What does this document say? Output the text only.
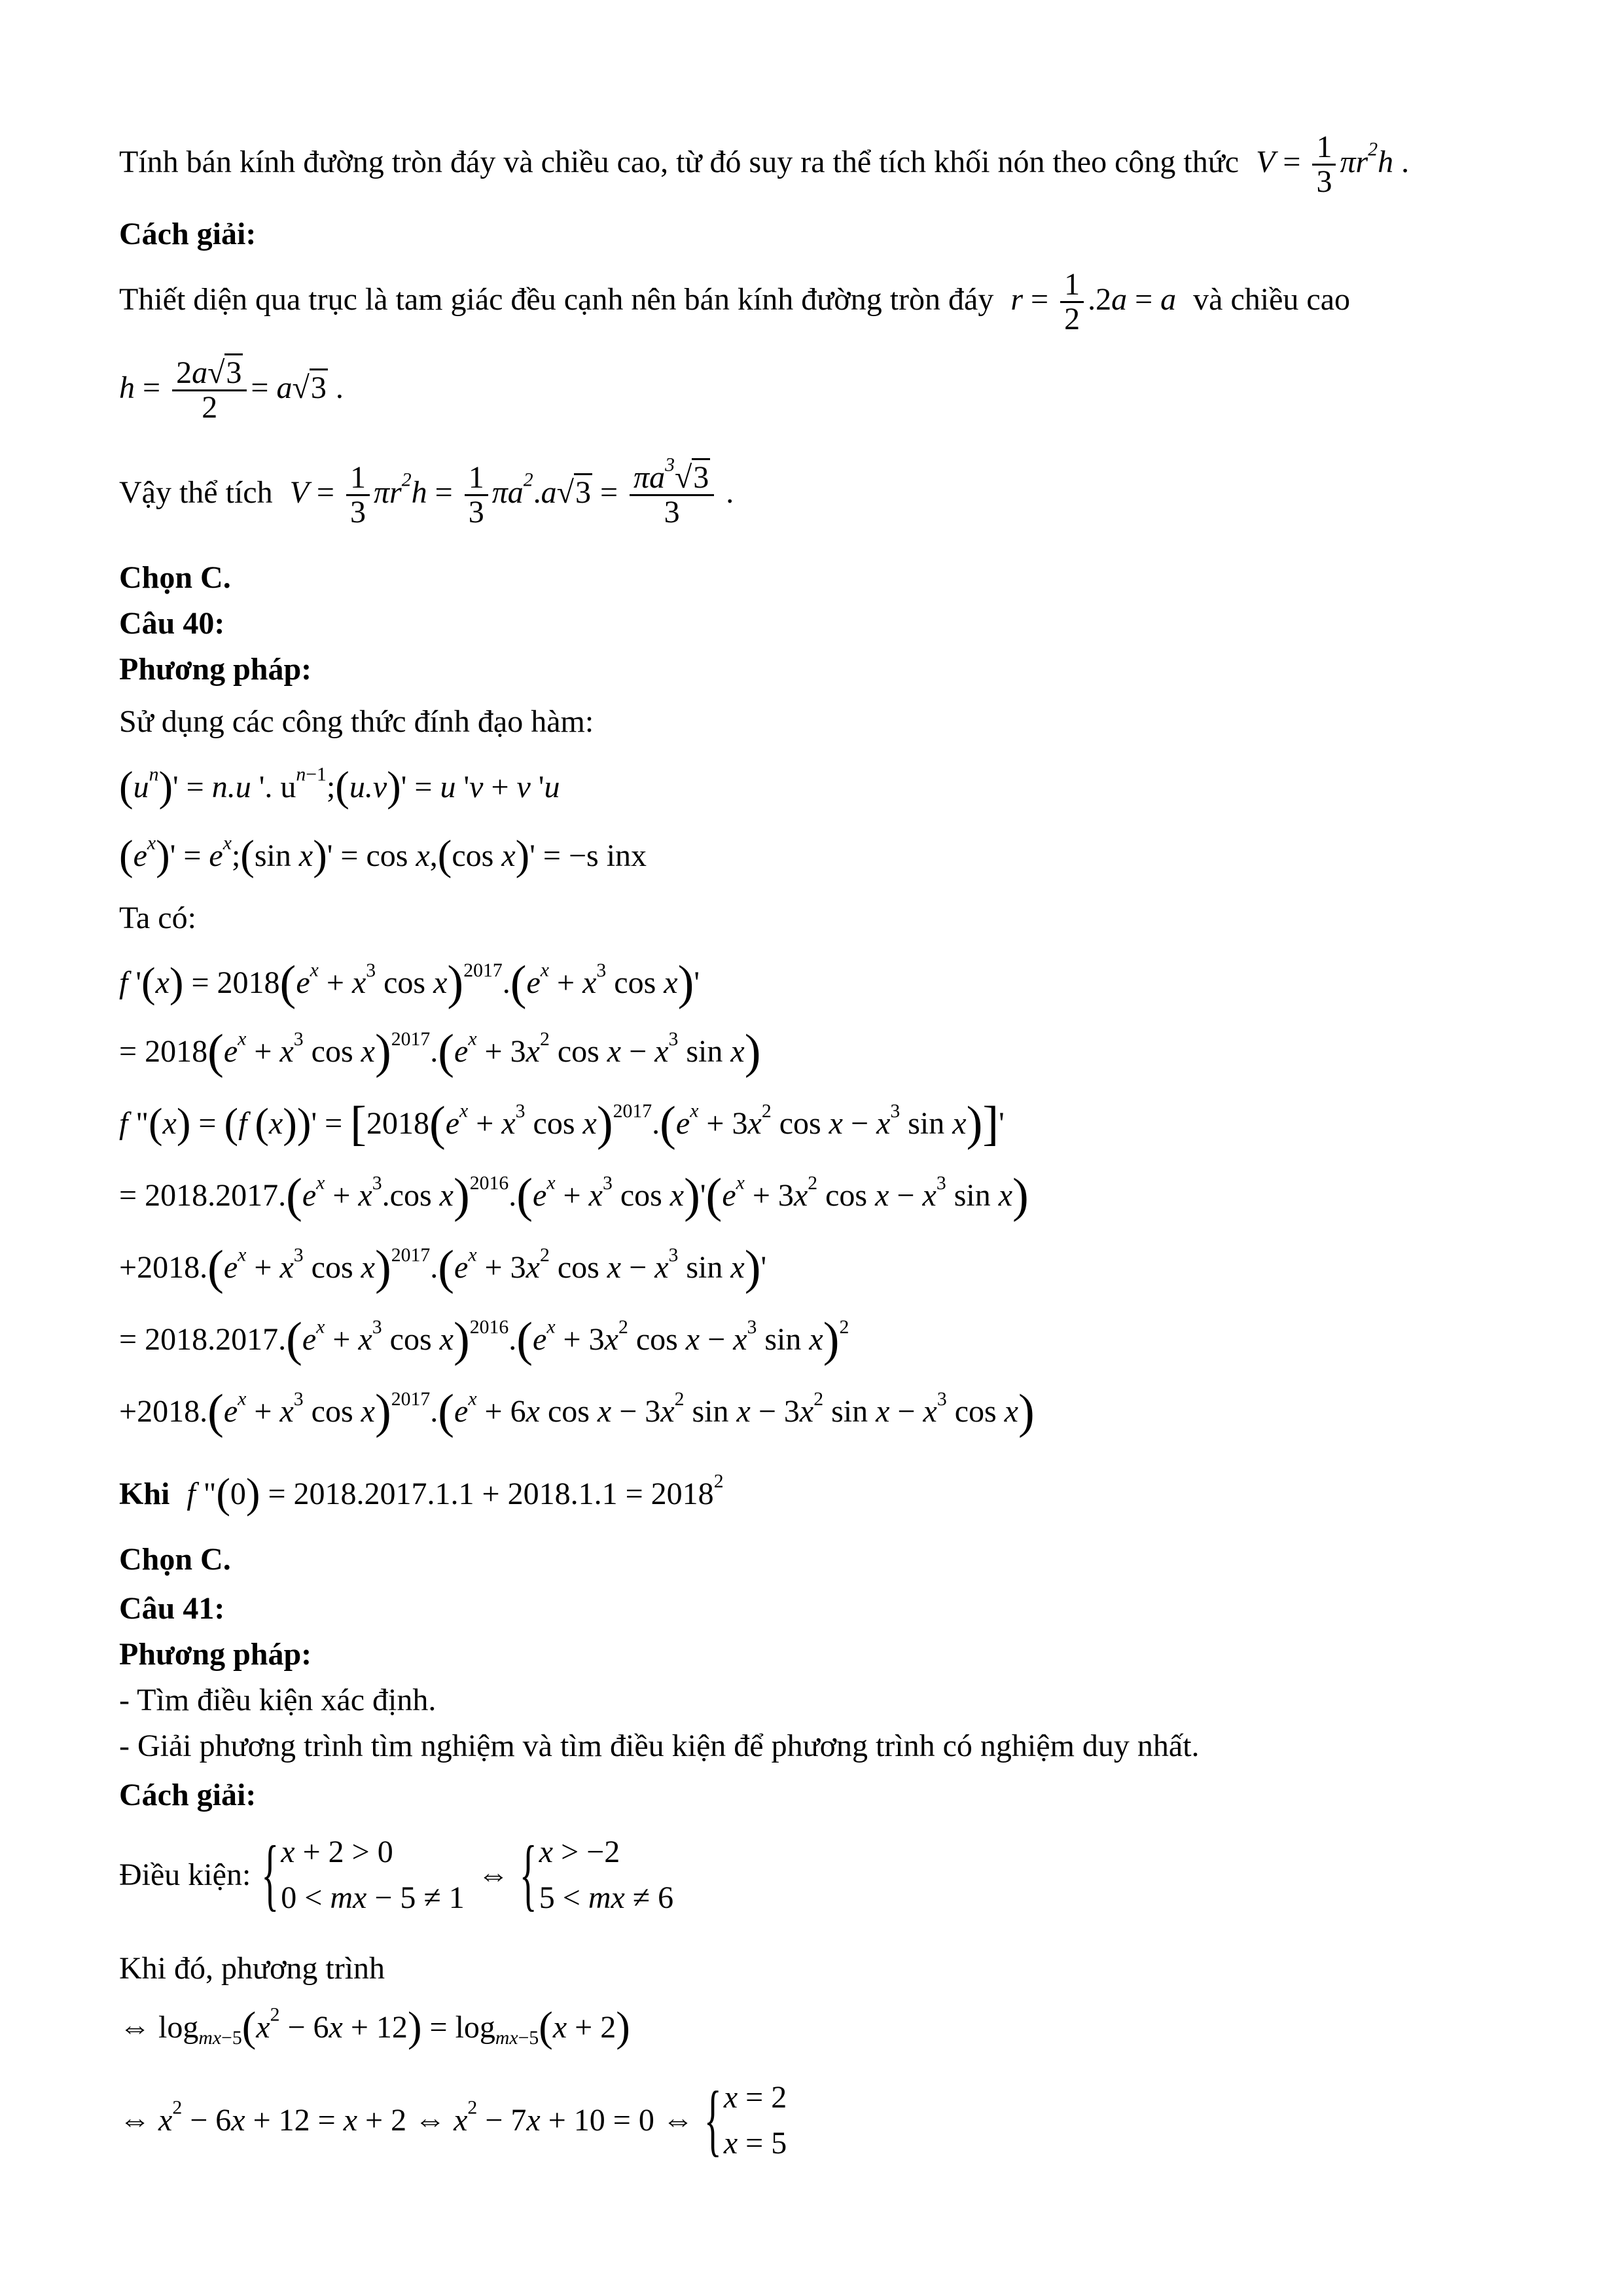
Tính bán kính đường tròn đáy và chiều cao, từ đó suy ra thể tích khối nón theo công thức $V = \frac{1}{3} \pi r^2h$ .
Cách giải:
Thiết diện qua trục là tam giác đều cạnh nên bán kính đường tròn đáy $r = \frac{1}{2} .2a = a$ và chiều cao
$h = \frac{2a√3}{2} = a√3$ .
Vậy thể tích $V = \frac{1}{3} \pi r^2h = \frac{1}{3} \pi a^2.a√3 = \frac{\pi a^3√3}{3}$ .
Chọn C.
Câu 40:
Phương pháp:
Sử dụng các công thức đính đạo hàm:
$(u^n)' = n.u$ '. $u^{n-1};(u.v)' = u$ 'v + v 'u
$(e^x)'$ = $e^x;(\sin$ x)' = cos x,(cos x)' = −s inx
Ta có:
f '$(x) = 2018(e^x + x^3$ $\cos x)^{2017}.(e^x + x^3$ cos x)'
= $2018(e^x + x^3$ $\cos x)^{2017}.(e^x + 3x^2$ $\cos x - x^3$ sin x)
f "(x) = (f $(x))' = [2018(e^x + x^3$ $\cos x)^{2017}.(e^x + 3x^2$ $\cos x - x^3$ sin x)]'
= $2018.2017.(e^x + x^3.\cos$ $x)^{2016}.(e^x + x^3$ $\cos x)'(e^x + 3x^2$ $\cos x - x^3$ sin x)
$+2018.(e^x + x^3$ $\cos x)^{2017}.(e^x + 3x^2$ $\cos x - x^3$ sin x)'
= $2018.2017.(e^x + x^3$ $\cos x)^{2016}.(e^x + 3x^2$ $\cos x - x^3$ sin x)$^2$
$+2018.(e^x + x^3$ $\cos x)^{2017}.(e^x + 6x$ $\cos x - 3x^2$ $\sin x - 3x^2$ $\sin x - x^3$ cos x)
Khi f "$(0) = 2018.2017.1.1 + 2018.1.1 = 2018^2$
Chọn C.
Câu 41:
Phương pháp:
- Tìm điều kiện xác định.
- Giải phương trình tìm nghiệm và tìm điều kiện để phương trình có nghiệm duy nhất.
Cách giải:
Điều kiện: { x + 2 > 0
0 < mx − 5 ≠ 1
⇔ { x > −2
5 < mx ≠ 6
Khi đó, phương trình
⇔ $\log_{mx-5}(x^2 - 6x + 12) = \log_{mx-5}(x + 2)$
⇔ $x^2 - 6x + 12 = x + 2$ ⇔ $x^2 - 7x + 10 = 0$ ⇔ { x = 2
x = 5
